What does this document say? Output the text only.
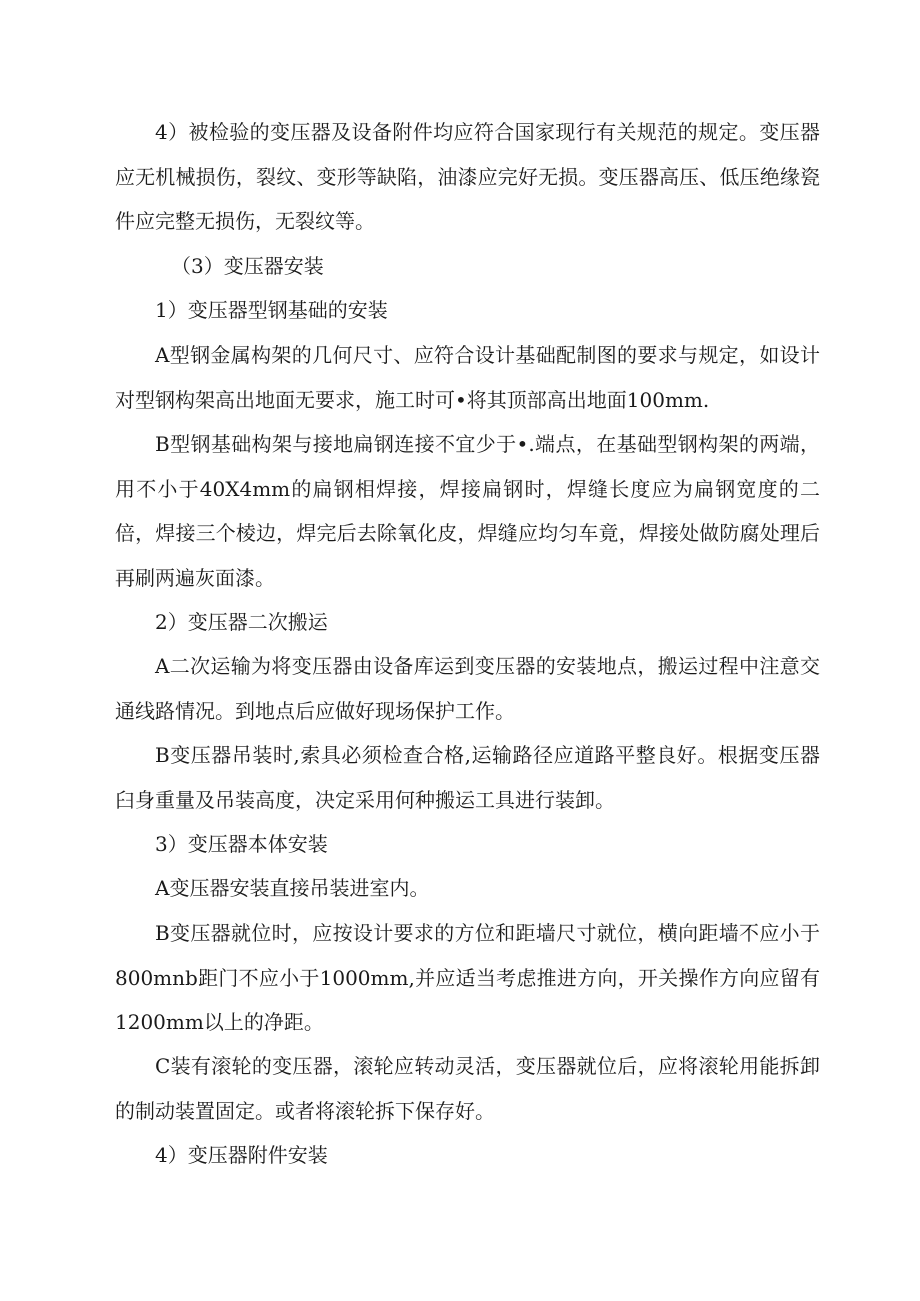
4）被检验的变压器及设备附件均应符合国家现行有关规范的规定。变压器应无机械损伤，裂纹、变形等缺陷，油漆应完好无损。变压器高压、低压绝缘瓷件应完整无损伤，无裂纹等。

（3）变压器安装

1）变压器型钢基础的安装

A型钢金属构架的几何尺寸、应符合设计基础配制图的要求与规定，如设计对型钢构架高出地面无要求，施工时可•将其顶部高出地面100mm.

B型钢基础构架与接地扁钢连接不宜少于•.端点，在基础型钢构架的两端，用不小于40X4mm的扁钢相焊接，焊接扁钢时，焊缝长度应为扁钢宽度的二倍，焊接三个棱边，焊完后去除氧化皮，焊缝应均匀车竟，焊接处做防腐处理后再刷两遍灰面漆。

2）变压器二次搬运

A二次运输为将变压器由设备库运到变压器的安装地点，搬运过程中注意交通线路情况。到地点后应做好现场保护工作。

B变压器吊装时,索具必须检查合格,运输路径应道路平整良好。根据变压器臼身重量及吊装高度，决定采用何种搬运工具进行装卸。

3）变压器本体安装

A变压器安装直接吊装进室内。

B变压器就位时，应按设计要求的方位和距墙尺寸就位，横向距墙不应小于800mnb距门不应小于1000mm,并应适当考虑推进方向，开关操作方向应留有1200mm以上的净距。

C装有滚轮的变压器，滚轮应转动灵活，变压器就位后，应将滚轮用能拆卸的制动装置固定。或者将滚轮拆下保存好。

4）变压器附件安装
